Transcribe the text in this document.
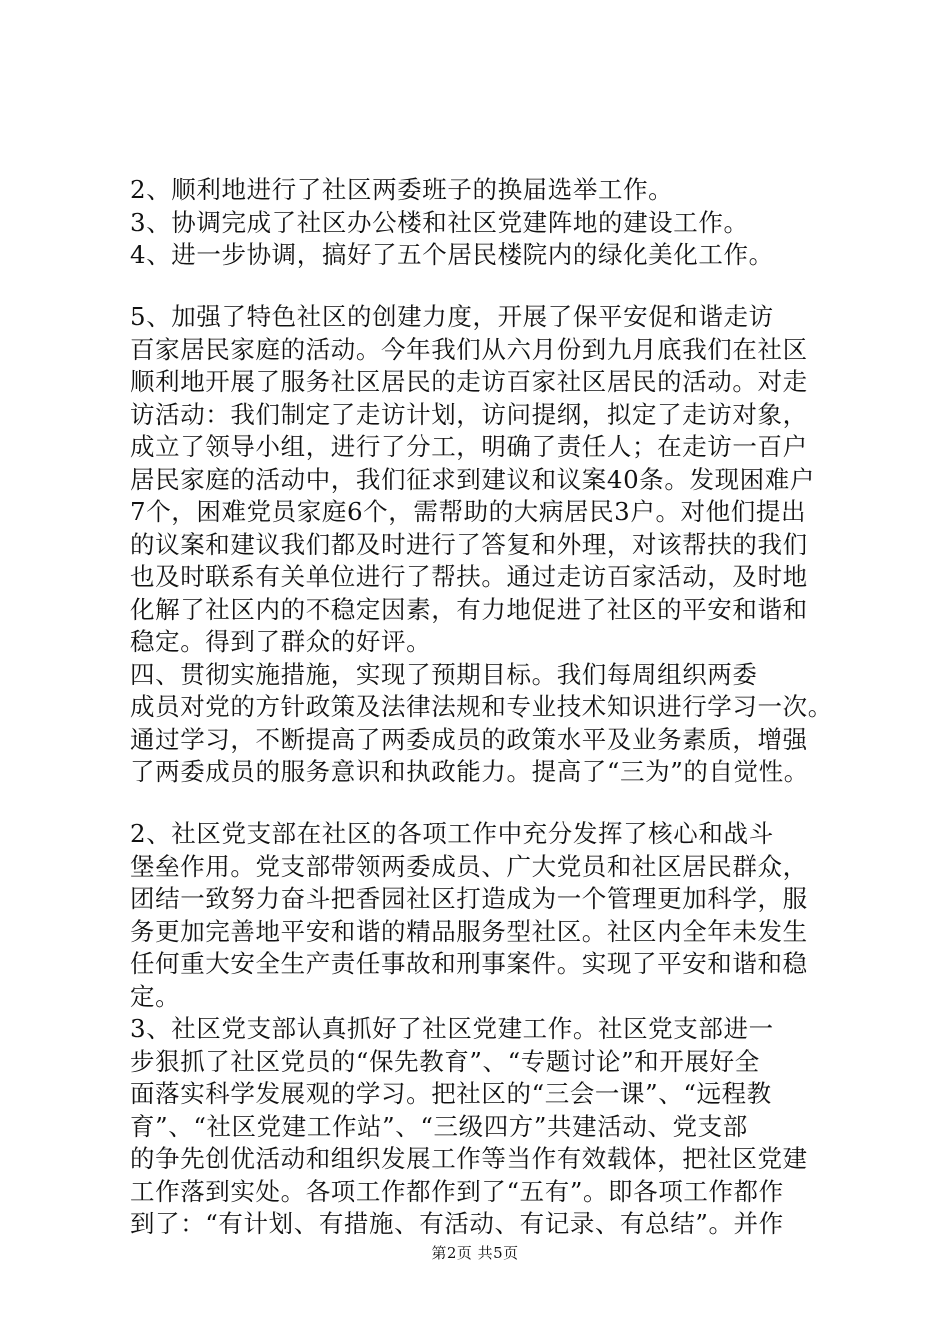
2、顺利地进行了社区两委班子的换届选举工作。
3、协调完成了社区办公楼和社区党建阵地的建设工作。
4、进一步协调，搞好了五个居民楼院内的绿化美化工作。
5、加强了特色社区的创建力度，开展了保平安促和谐走访
百家居民家庭的活动。今年我们从六月份到九月底我们在社区
顺利地开展了服务社区居民的走访百家社区居民的活动。对走
访活动：我们制定了走访计划，访问提纲，拟定了走访对象，
成立了领导小组，进行了分工，明确了责任人；在走访一百户
居民家庭的活动中，我们征求到建议和议案40条。发现困难户
7个，困难党员家庭6个，需帮助的大病居民3户。对他们提出
的议案和建议我们都及时进行了答复和外理，对该帮扶的我们
也及时联系有关单位进行了帮扶。通过走访百家活动，及时地
化解了社区内的不稳定因素，有力地促进了社区的平安和谐和
稳定。得到了群众的好评。
四、贯彻实施措施，实现了预期目标。我们每周组织两委
成员对党的方针政策及法律法规和专业技术知识进行学习一次。
通过学习，不断提高了两委成员的政策水平及业务素质，增强
了两委成员的服务意识和执政能力。提高了“三为”的自觉性。
2、社区党支部在社区的各项工作中充分发挥了核心和战斗
堡垒作用。党支部带领两委成员、广大党员和社区居民群众，
团结一致努力奋斗把香园社区打造成为一个管理更加科学，服
务更加完善地平安和谐的精品服务型社区。社区内全年未发生
任何重大安全生产责任事故和刑事案件。实现了平安和谐和稳
定。
3、社区党支部认真抓好了社区党建工作。社区党支部进一
步狠抓了社区党员的“保先教育”、“专题讨论”和开展好全
面落实科学发展观的学习。把社区的“三会一课”、“远程教
育”、“社区党建工作站”、“三级四方”共建活动、党支部
的争先创优活动和组织发展工作等当作有效载体，把社区党建
工作落到实处。各项工作都作到了“五有”。即各项工作都作
到了：“有计划、有措施、有活动、有记录、有总结”。并作
第2页 共5页
